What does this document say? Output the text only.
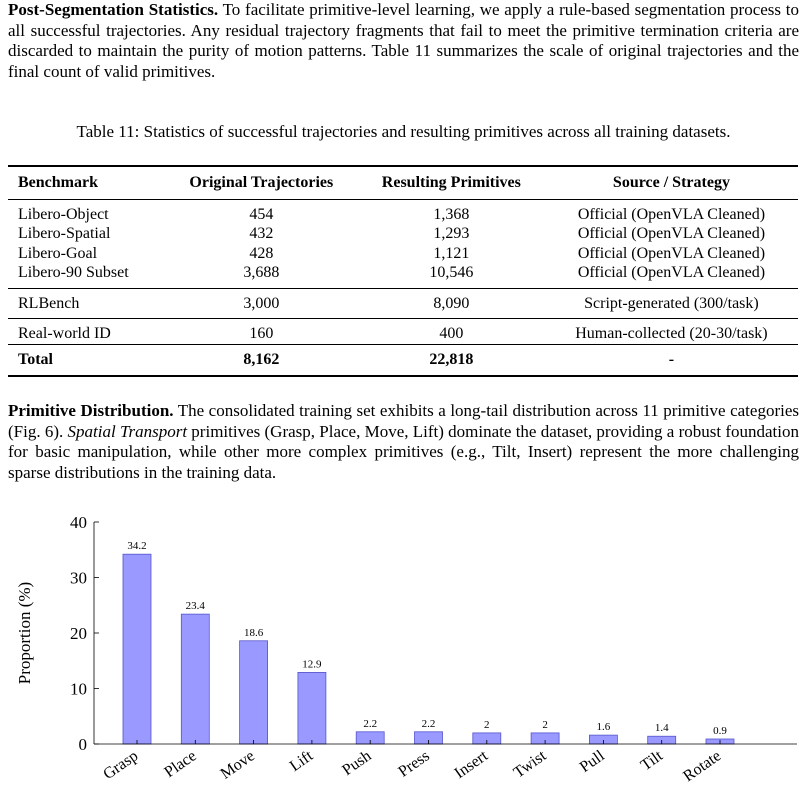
Post-Segmentation Statistics. To facilitate primitive-level learning, we apply a rule-based segmentation process to all successful trajectories. Any residual trajectory fragments that fail to meet the primitive termination criteria are discarded to maintain the purity of motion patterns. Table 11 summarizes the scale of original trajectories and the final count of valid primitives.
Table 11: Statistics of successful trajectories and resulting primitives across all training datasets.
Benchmark	Original Trajectories	Resulting Primitives	Source / Strategy
Libero-Object	454	1,368	Official (OpenVLA Cleaned)
Libero-Spatial	432	1,293	Official (OpenVLA Cleaned)
Libero-Goal	428	1,121	Official (OpenVLA Cleaned)
Libero-90 Subset	3,688	10,546	Official (OpenVLA Cleaned)
RLBench	3,000	8,090	Script-generated (300/task)
Real-world ID	160	400	Human-collected (20-30/task)
Total	8,162	22,818	-
Primitive Distribution. The consolidated training set exhibits a long-tail distribution across 11 primitive categories (Fig. 6). Spatial Transport primitives (Grasp, Place, Move, Lift) dominate the dataset, providing a robust foundation for basic manipulation, while other more complex primitives (e.g., Tilt, Insert) represent the more challenging sparse distributions in the training data.
34.2
23.4
18.6
12.9
2.2	2.2	2	2	1.6	1.4	0.9
0
10
20
30
40
Grasp Place Move Lift Push Press Insert Twist Pull Tilt Rotate
Proportion (%)
